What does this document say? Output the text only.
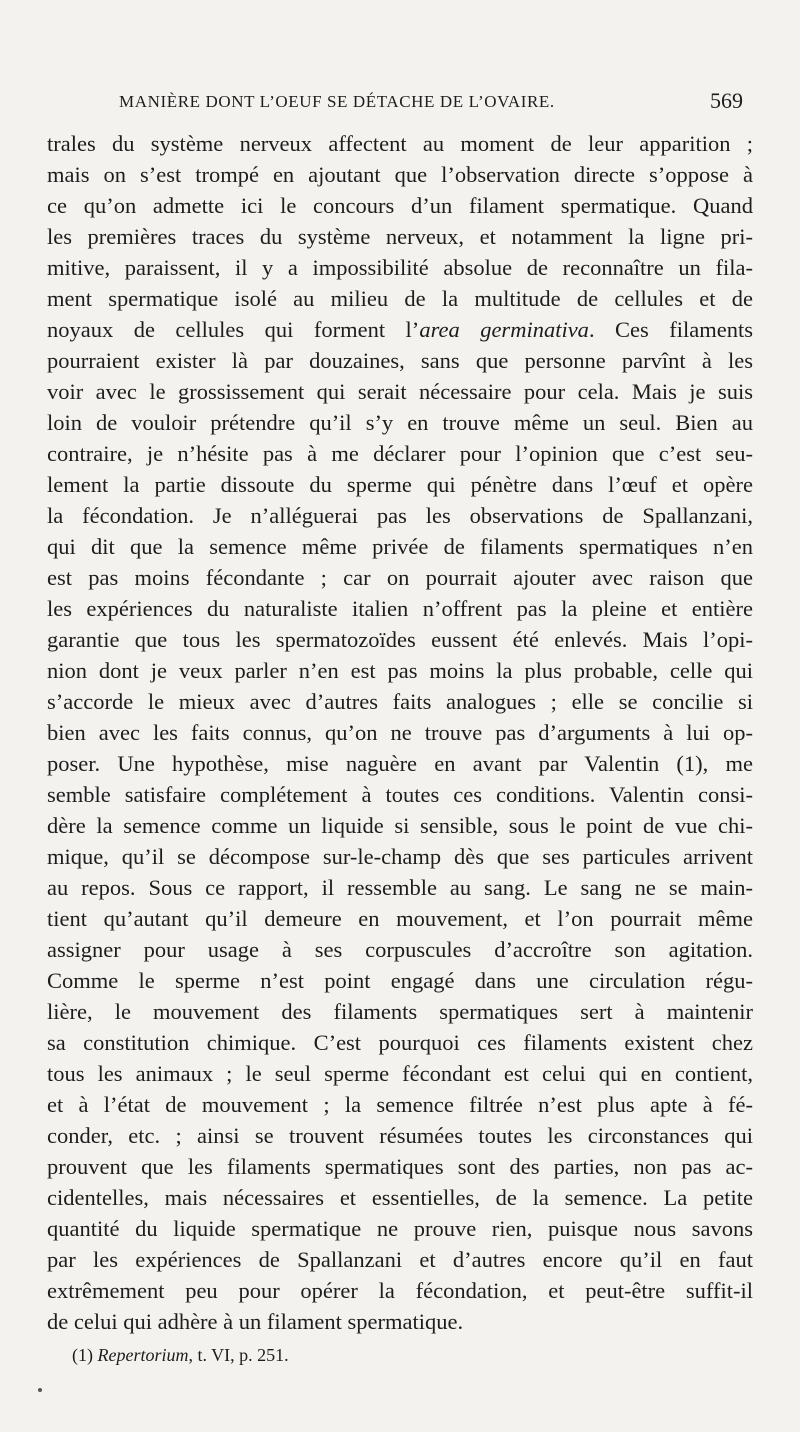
MANIÈRE DONT L’OEUF SE DÉTACHE DE L’OVAIRE.	569
trales du système nerveux affectent au moment de leur apparition ;
mais on s’est trompé en ajoutant que l’observation directe s’oppose à
ce qu’on admette ici le concours d’un filament spermatique. Quand
les premières traces du système nerveux, et notamment la ligne pri-
mitive, paraissent, il y a impossibilité absolue de reconnaître un fila-
ment spermatique isolé au milieu de la multitude de cellules et de
noyaux de cellules qui forment l’area germinativa. Ces filaments
pourraient exister là par douzaines, sans que personne parvînt à les
voir avec le grossissement qui serait nécessaire pour cela. Mais je suis
loin de vouloir prétendre qu’il s’y en trouve même un seul. Bien au
contraire, je n’hésite pas à me déclarer pour l’opinion que c’est seu-
lement la partie dissoute du sperme qui pénètre dans l’œuf et opère
la fécondation. Je n’alléguerai pas les observations de Spallanzani,
qui dit que la semence même privée de filaments spermatiques n’en
est pas moins fécondante ; car on pourrait ajouter avec raison que
les expériences du naturaliste italien n’offrent pas la pleine et entière
garantie que tous les spermatozoïdes eussent été enlevés. Mais l’opi-
nion dont je veux parler n’en est pas moins la plus probable, celle qui
s’accorde le mieux avec d’autres faits analogues ; elle se concilie si
bien avec les faits connus, qu’on ne trouve pas d’arguments à lui op-
poser. Une hypothèse, mise naguère en avant par Valentin (1), me
semble satisfaire complétement à toutes ces conditions. Valentin consi-
dère la semence comme un liquide si sensible, sous le point de vue chi-
mique, qu’il se décompose sur-le-champ dès que ses particules arrivent
au repos. Sous ce rapport, il ressemble au sang. Le sang ne se main-
tient qu’autant qu’il demeure en mouvement, et l’on pourrait même
assigner pour usage à ses corpuscules d’accroître son agitation.
Comme le sperme n’est point engagé dans une circulation régu-
lière, le mouvement des filaments spermatiques sert à maintenir
sa constitution chimique. C’est pourquoi ces filaments existent chez
tous les animaux ; le seul sperme fécondant est celui qui en contient,
et à l’état de mouvement ; la semence filtrée n’est plus apte à fé-
conder, etc. ; ainsi se trouvent résumées toutes les circonstances qui
prouvent que les filaments spermatiques sont des parties, non pas ac-
cidentelles, mais nécessaires et essentielles, de la semence. La petite
quantité du liquide spermatique ne prouve rien, puisque nous savons
par les expériences de Spallanzani et d’autres encore qu’il en faut
extrêmement peu pour opérer la fécondation, et peut-être suffit-il
de celui qui adhère à un filament spermatique.
(1) Repertorium, t. VI, p. 251.
